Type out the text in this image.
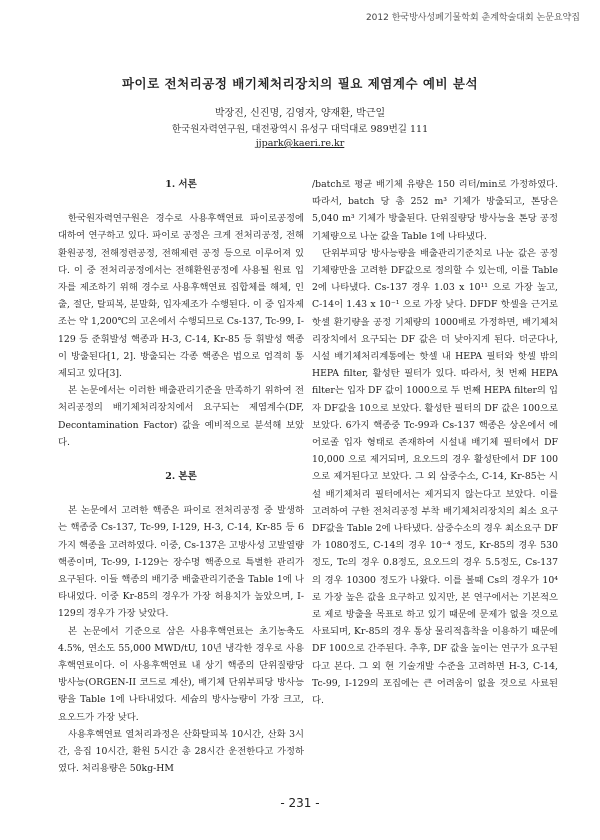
2012 한국방사성폐기물학회 춘계학술대회 논문요약집
파이로 전처리공정 배기체처리장치의 필요 제염계수 예비 분석
박장진, 신진명, 김영자, 양재환, 박근일
한국원자력연구원, 대전광역시 유성구 대덕대로 989번길 111
jjpark@kaeri.re.kr
1. 서론

한국원자력연구원은 경수로 사용후핵연료 파이로공정에 대하여 연구하고 있다. 파이로 공정은 크게 전처리공정, 전해환원공정, 전해정련공정, 전해제련 공정 등으로 이루어져 있다. 이 중 전처리공정에서는 전해환원공정에 사용될 원료 입자를 제조하기 위해 경수로 사용후핵연료 집합체를 해체, 인출, 절단, 탈피복, 분말화, 입자제조가 수행된다. 이 중 입자제조는 약 1,200℃의 고온에서 수행되므로 Cs-137, Tc-99, I-129 등 준휘발성 핵종과 H-3, C-14, Kr-85 등 휘발성 핵종이 방출된다[1, 2]. 방출되는 각종 핵종은 법으로 엄격히 통제되고 있다[3].

본 논문에서는 이러한 배출관리기준을 만족하기 위하여 전처리공정의 배기체처리장치에서 요구되는 제염계수(DF, Decontamination Factor) 값을 예비적으로 분석해 보았다.

2. 본론

본 논문에서 고려한 핵종은 파이로 전처리공정 중 발생하는 핵종중 Cs-137, Tc-99, I-129, H-3, C-14, Kr-85 등 6가지 핵종을 고려하였다. 이중, Cs-137은 고방사성 고발열량 핵종이며, Tc-99, I-129는 장수명 핵종으로 특별한 관리가 요구된다. 이들 핵종의 배기중 배출관리기준을 Table 1에 나타내었다. 이중 Kr-85의 경우가 가장 허용치가 높았으며, I-129의 경우가 가장 낮았다.

본 논문에서 기준으로 삼은 사용후핵연료는 초기농축도 4.5%, 연소도 55,000 MWD/tU, 10년 냉각한 경우로 사용후핵연료이다. 이 사용후핵연료 내 상기 핵종의 단위질량당 방사능(ORGEN-II 코드로 계산), 배기체 단위부피당 방사능량을 Table 1에 나타내었다. 세슘의 방사능량이 가장 크고, 요오드가 가장 낮다.

사용후핵연료 열처리과정은 산화탈피복 10시간, 산화 3시간, 응집 10시간, 환원 5시간 총 28시간 운전한다고 가정하였다. 처리용량은 50kg-HM

/batch로 평균 배기체 유량은 150 리터/min로 가정하였다. 따라서, batch 당 총 252 m³ 기체가 방출되고, 톤당은 5,040 m³ 기체가 방출된다. 단위질량당 방사능을 톤당 공정 기체량으로 나눈 값을 Table 1에 나타냈다.

단위부피당 방사능량을 배출관리기준치로 나눈 값은 공정 기체량만을 고려한 DF값으로 정의할 수 있는데, 이를 Table 2에 나타냈다. Cs-137 경우 1.03 x 10¹¹ 으로 가장 높고, C-14이 1.43 x 10⁻¹ 으로 가장 낮다. DFDF 핫셀을 근거로 핫셀 환기량을 공정 기체량의 1000배로 가정하면, 배기체처리장치에서 요구되는 DF 값은 더 낮아지게 된다. 더군다나, 시설 배기체처리계통에는 핫셀 내 HEPA 필터와 핫셀 밖의 HEPA filter, 활성탄 필터가 있다. 따라서, 첫 번째 HEPA filter는 입자 DF 값이 1000으로 두 번째 HEPA filter의 입자 DF값을 10으로 보았다. 활성탄 필터의 DF 값은 100으로 보았다. 6가지 핵종중 Tc-99과 Cs-137 핵종은 상온에서 에어로졸 입자 형태로 존재하여 시설내 배기체 필터에서 DF 10,000 으로 제거되며, 요오드의 경우 활성탄에서 DF 100으로 제거된다고 보았다. 그 외 삼중수소, C-14, Kr-85는 시설 배기체처리 필터에서는 제거되지 않는다고 보았다. 이를 고려하여 구한 전처리공정 부착 배기체처리장치의 최소 요구 DF값을 Table 2에 나타냈다. 삼중수소의 경우 최소요구 DF가 1080정도, C-14의 경우 10⁻⁴ 정도, Kr-85의 경우 530정도, Tc의 경우 0.8정도, 요오드의 경우 5.5정도, Cs-137의 경우 10300 정도가 나왔다. 이를 볼때 Cs의 경우가 10⁴로 가장 높은 값을 요구하고 있지만, 본 연구에서는 기본적으로 제로 방출을 목표로 하고 있기 때문에 문제가 없을 것으로 사료되며, Kr-85의 경우 통상 물리적흡착을 이용하기 때문에 DF 100으로 간주된다. 추후, DF 값을 높이는 연구가 요구된다고 본다. 그 외 현 기술개발 수준을 고려하면 H-3, C-14, Tc-99, I-129의 포집에는 큰 어려움이 없을 것으로 사료된다.

- 231 -
